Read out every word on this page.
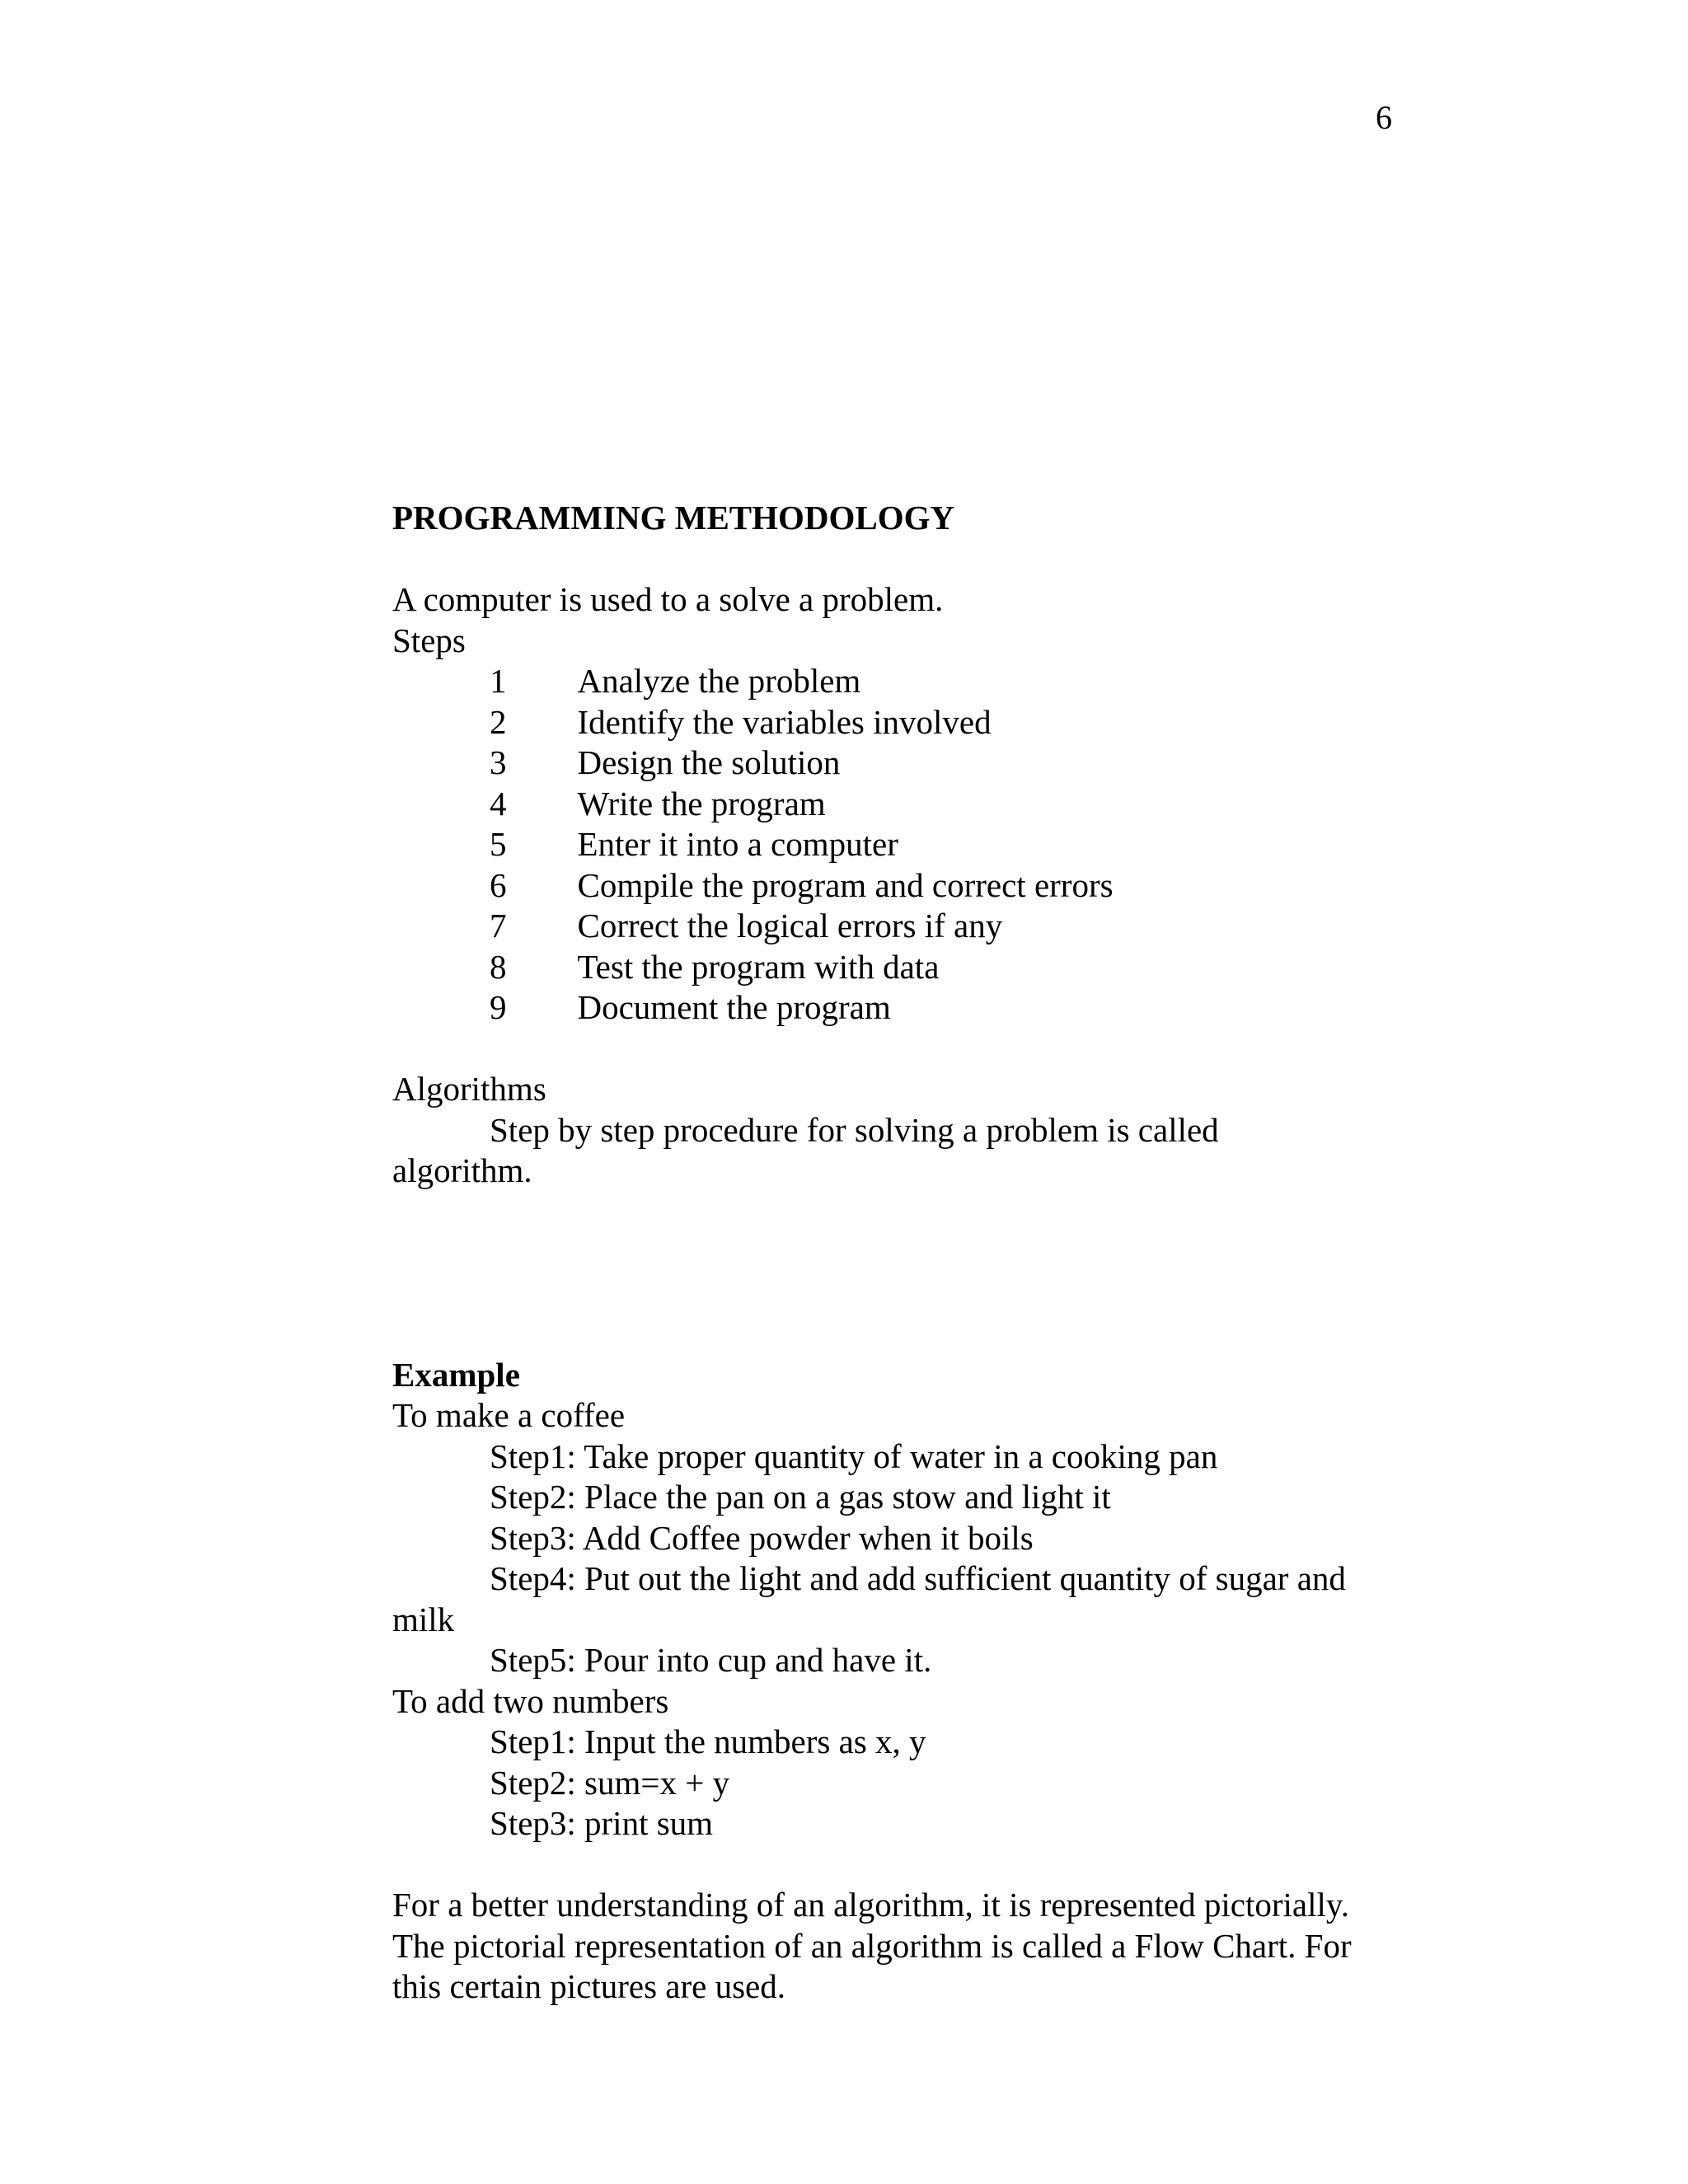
6

PROGRAMMING METHODOLOGY

A computer is used to a solve a problem.

Steps

1 Analyze the problem
2 Identify the variables involved
3 Design the solution
4 Write the program
5 Enter it into a computer
6 Compile the program and correct errors
7 Correct the logical errors if any
8 Test the program with data
9 Document the program

Algorithms

Step by step procedure for solving a problem is called

algorithm.

Example

To make a coffee

Step1: Take proper quantity of water in a cooking pan

Step2: Place the pan on a gas stow and light it

Step3: Add Coffee powder when it boils

Step4: Put out the light and add sufficient quantity of sugar and

milk

Step5: Pour into cup and have it.

To add two numbers

Step1: Input the numbers as x, y

Step2: sum=x + y

Step3: print sum

For a better understanding of an algorithm, it is represented pictorially.

The pictorial representation of an algorithm is called a Flow Chart. For

this certain pictures are used.
